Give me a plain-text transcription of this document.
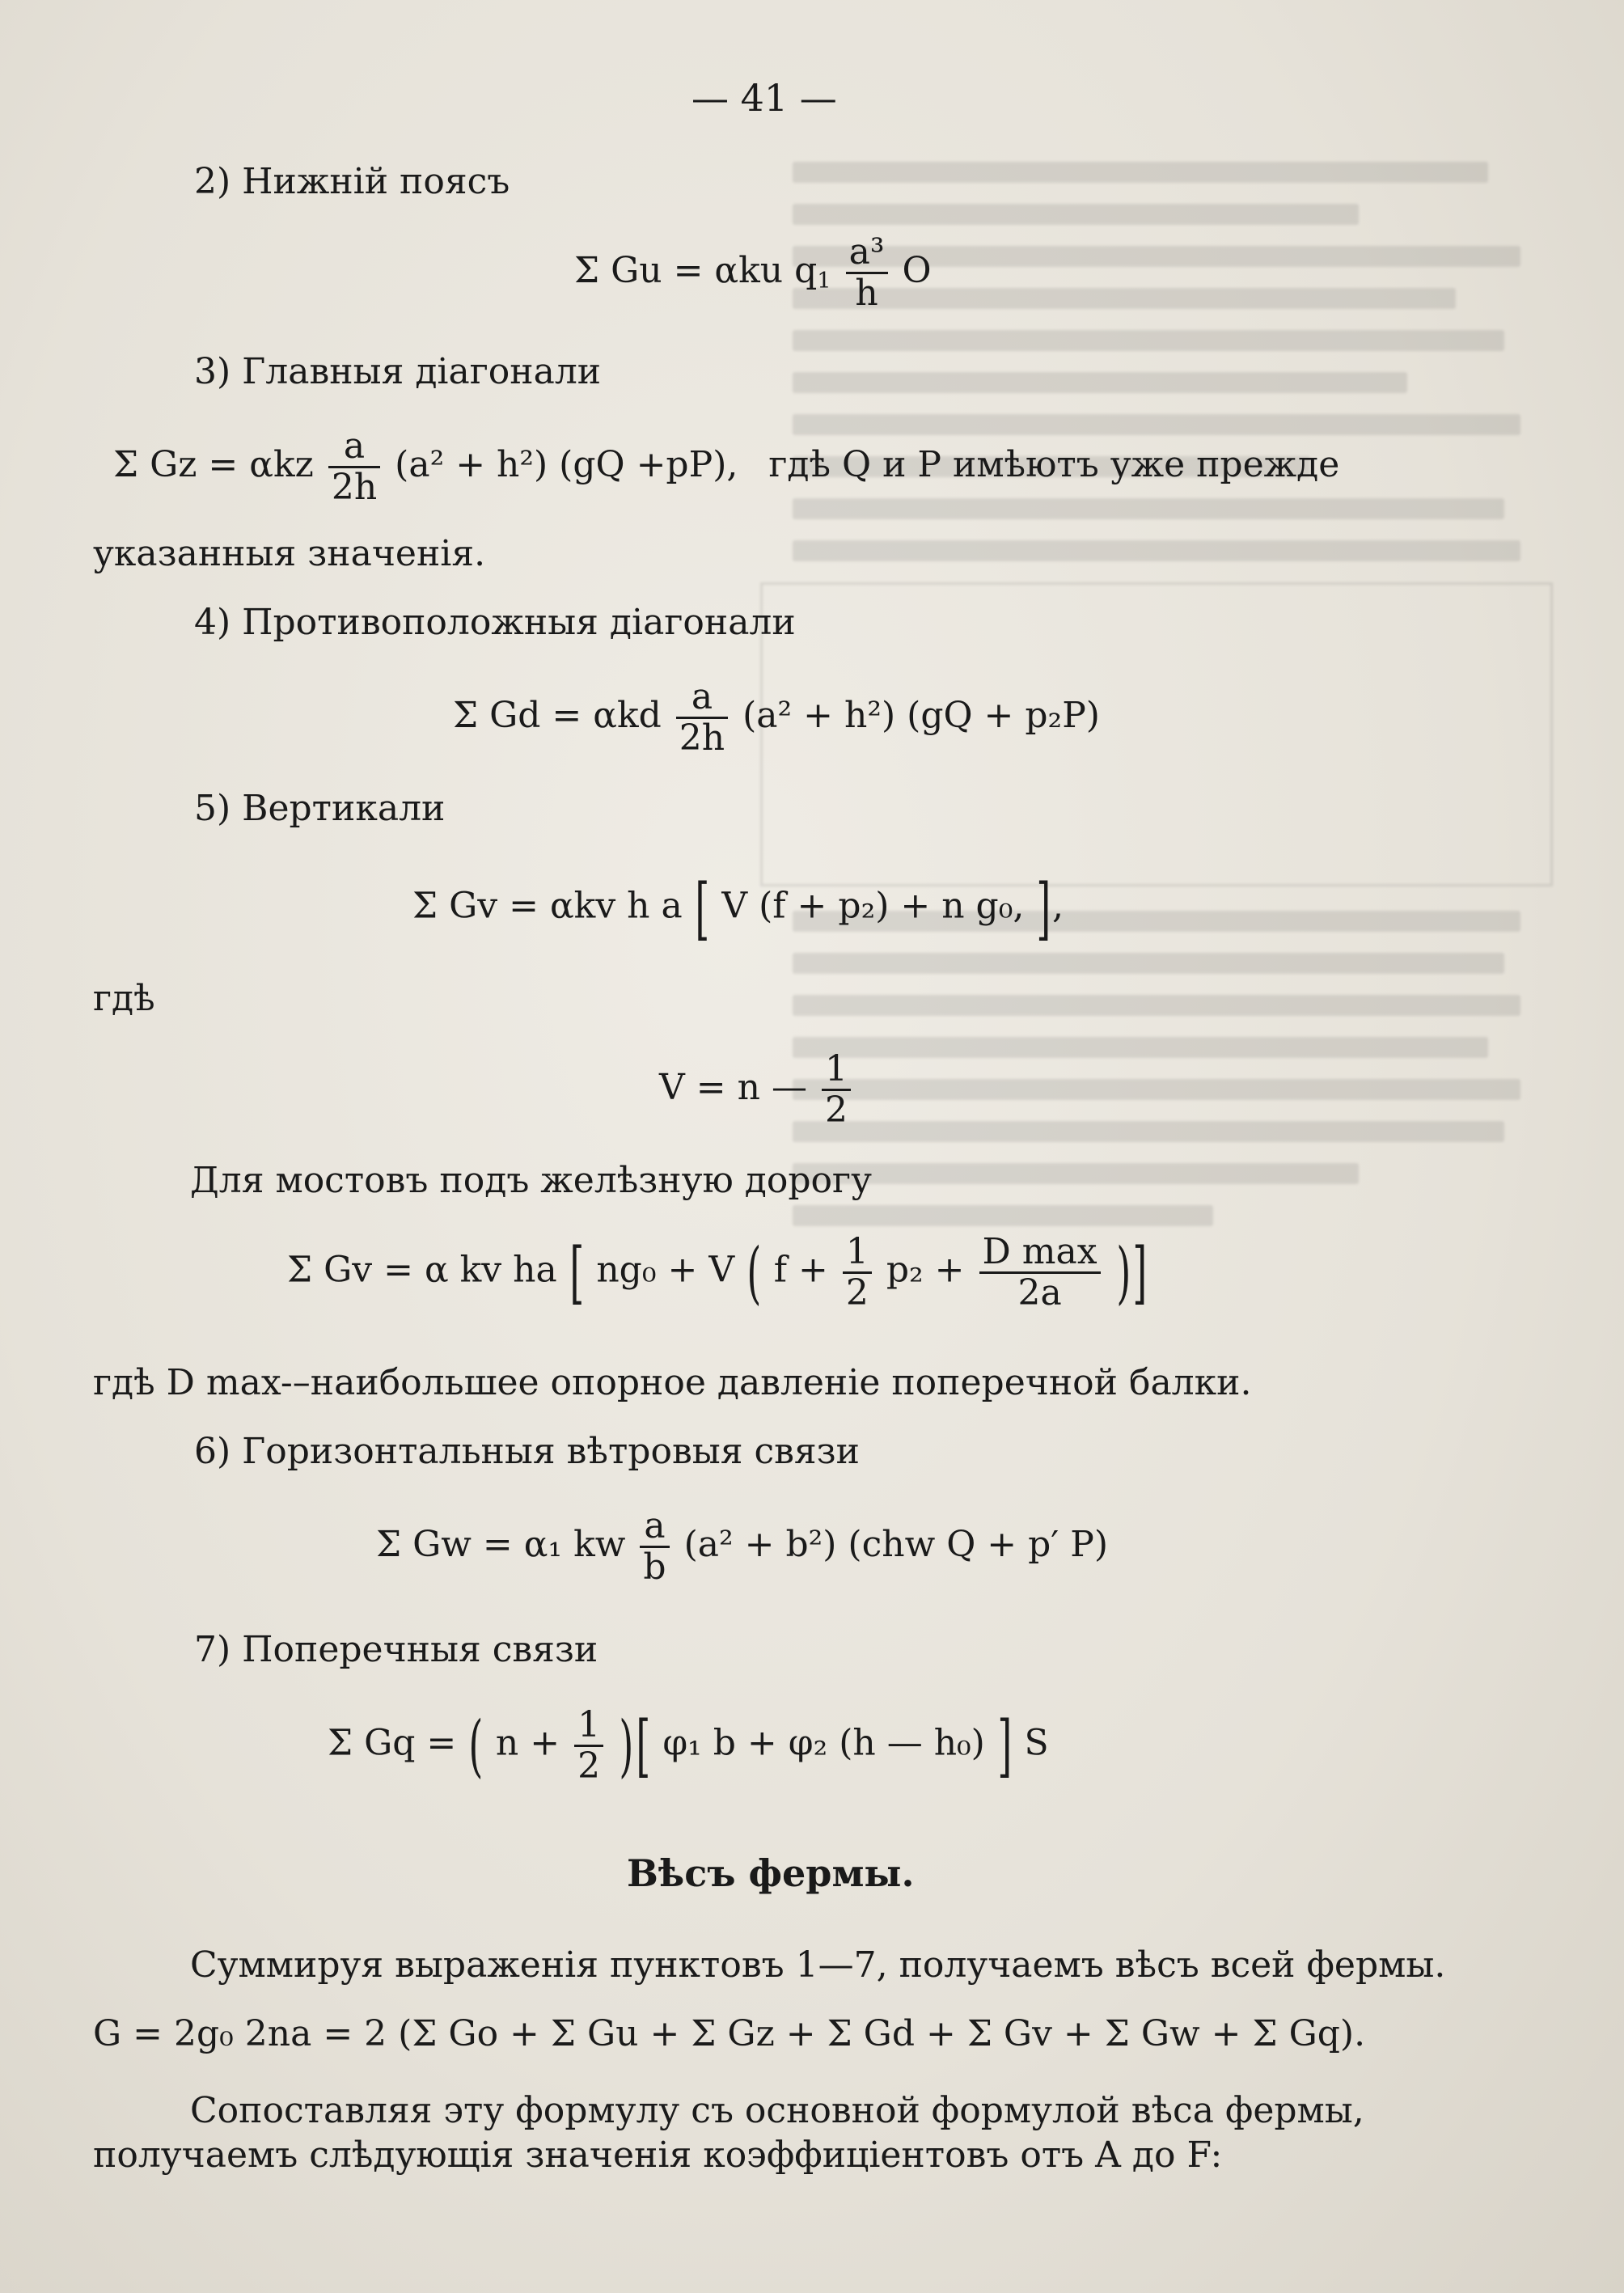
— 41 —
2) Нижній поясъ
Σ Gu = αku $q_1 \frac{\text{a³}}{h}$ O
3) Главныя діагонали
Σ Gz = αkz $\frac{a}{2h} (a^2 + h^2)$ (gQ +pP), гдѣ Q и P имѣютъ уже прежде
указанныя значенія.
4) Противоположныя діагонали
Σ Gd = αkd $\frac{a}{2h} (a^2 + h^2) (gQ + p_2P)$
5) Вертикали
Σ Gv = αkv h a [ V (f + p₂) + n g₀, ],
гдѣ
V = n — $\frac{1}{2}$
Для мостовъ подъ желѣзную дорогу
Σ Gv = α kv ha [ ng₀ + V ( $f + \frac{1}{2} p_2 + \frac{\text{D max}}{2a}$ )]
гдѣ D max-–наибольшее опорное давленіе поперечной балки.
6) Горизонтальныя вѣтровыя связи
Σ Gw = α₁ kw $\frac{a}{b} (a^2 + b^2)$ (chw Q + p′ P)
7) Поперечныя связи
Σ Gq = ( $n + \frac{1}{2}$ )[ φ₁ b + φ₂ (h — h₀) ] S
Вѣсъ фермы.
Суммируя выраженія пунктовъ 1—7, получаемъ вѣсъ всей фермы.
G = 2g₀ 2na = 2 (Σ Go + Σ Gu + Σ Gz + Σ Gd + Σ Gv + Σ Gw + Σ Gq).
Сопоставляя эту формулу съ основной формулой вѣса фермы,
получаемъ слѣдующія значенія коэффиціентовъ отъ A до F:
